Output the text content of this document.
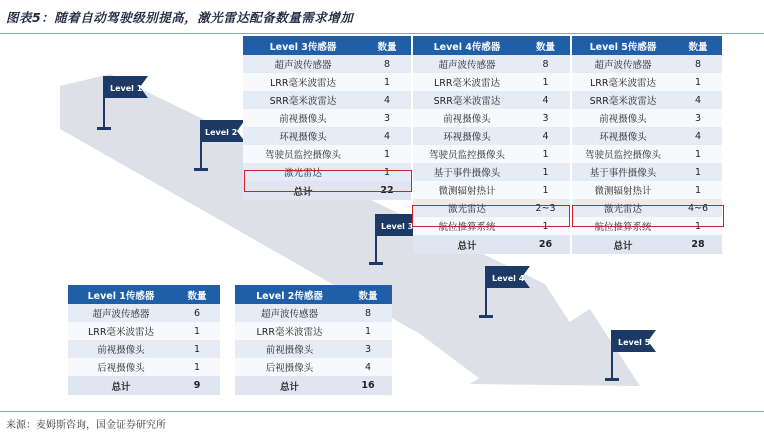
图表5：随着自动驾驶级别提高，激光雷达配备数量需求增加
Level 1
Level 2
Level 3
Level 4
Level 5
Level 3传感器	数量
超声波传感器	8
LRR毫米波雷达	1
SRR毫米波雷达	4
前视摄像头	3
环视摄像头	4
驾驶员监控摄像头	1
激光雷达	1
总计	22
Level 4传感器	数量
超声波传感器	8
LRR毫米波雷达	1
SRR毫米波雷达	4
前视摄像头	3
环视摄像头	4
驾驶员监控摄像头	1
基于事件摄像头	1
微测辐射热计	1
激光雷达	2~3
航位推算系统	1
总计	26
Level 5传感器	数量
超声波传感器	8
LRR毫米波雷达	1
SRR毫米波雷达	4
前视摄像头	3
环视摄像头	4
驾驶员监控摄像头	1
基于事件摄像头	1
微测辐射热计	1
激光雷达	4~6
航位推算系统	1
总计	28
Level 1传感器	数量
超声波传感器	6
LRR毫米波雷达	1
前视摄像头	1
后视摄像头	1
总计	9
Level 2传感器	数量
超声波传感器	8
LRR毫米波雷达	1
前视摄像头	3
后视摄像头	4
总计	16
来源：麦姆斯咨询，国金证券研究所
